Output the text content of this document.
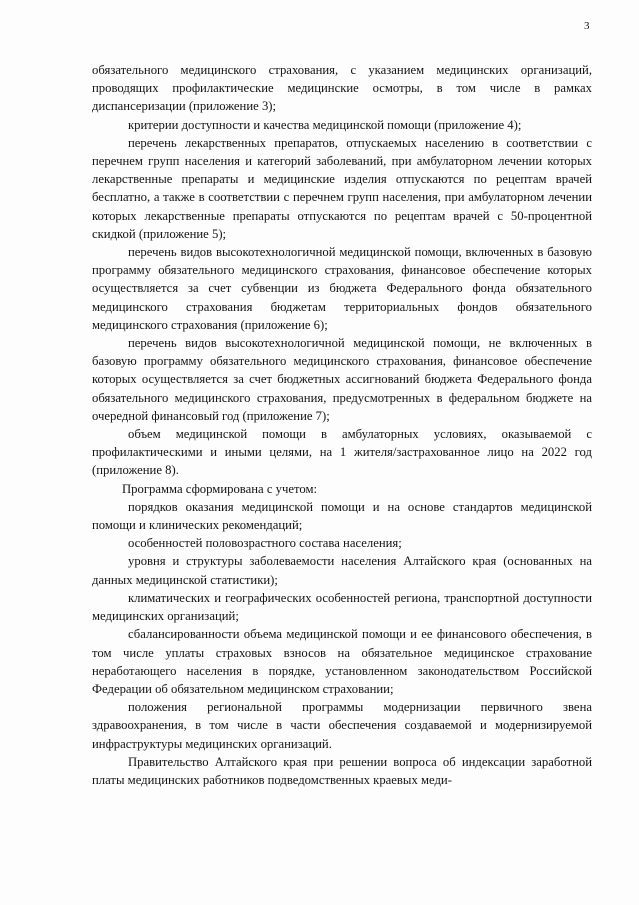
3

обязательного медицинского страхования, с указанием медицинских организаций, проводящих профилактические медицинские осмотры, в том числе в рамках диспансеризации (приложение 3);

критерии доступности и качества медицинской помощи (приложение 4);

перечень лекарственных препаратов, отпускаемых населению в соответствии с перечнем групп населения и категорий заболеваний, при амбулаторном лечении которых лекарственные препараты и медицинские изделия отпускаются по рецептам врачей бесплатно, а также в соответствии с перечнем групп населения, при амбулаторном лечении которых лекарственные препараты отпускаются по рецептам врачей с 50-процентной скидкой (приложение 5);

перечень видов высокотехнологичной медицинской помощи, включенных в базовую программу обязательного медицинского страхования, финансовое обеспечение которых осуществляется за счет субвенции из бюджета Федерального фонда обязательного медицинского страхования бюджетам территориальных фондов обязательного медицинского страхования (приложение 6);

перечень видов высокотехнологичной медицинской помощи, не включенных в базовую программу обязательного медицинского страхования, финансовое обеспечение которых осуществляется за счет бюджетных ассигнований бюджета Федерального фонда обязательного медицинского страхования, предусмотренных в федеральном бюджете на очередной финансовый год (приложение 7);

объем медицинской помощи в амбулаторных условиях, оказываемой с профилактическими и иными целями, на 1 жителя/застрахованное лицо на 2022 год (приложение 8).

Программа сформирована с учетом:

порядков оказания медицинской помощи и на основе стандартов медицинской помощи и клинических рекомендаций;

особенностей половозрастного состава населения;

уровня и структуры заболеваемости населения Алтайского края (основанных на данных медицинской статистики);

климатических и географических особенностей региона, транспортной доступности медицинских организаций;

сбалансированности объема медицинской помощи и ее финансового обеспечения, в том числе уплаты страховых взносов на обязательное медицинское страхование неработающего населения в порядке, установленном законодательством Российской Федерации об обязательном медицинском страховании;

положения региональной программы модернизации первичного звена здравоохранения, в том числе в части обеспечения создаваемой и модернизируемой инфраструктуры медицинских организаций.

Правительство Алтайского края при решении вопроса об индексации заработной платы медицинских работников подведомственных краевых меди-
